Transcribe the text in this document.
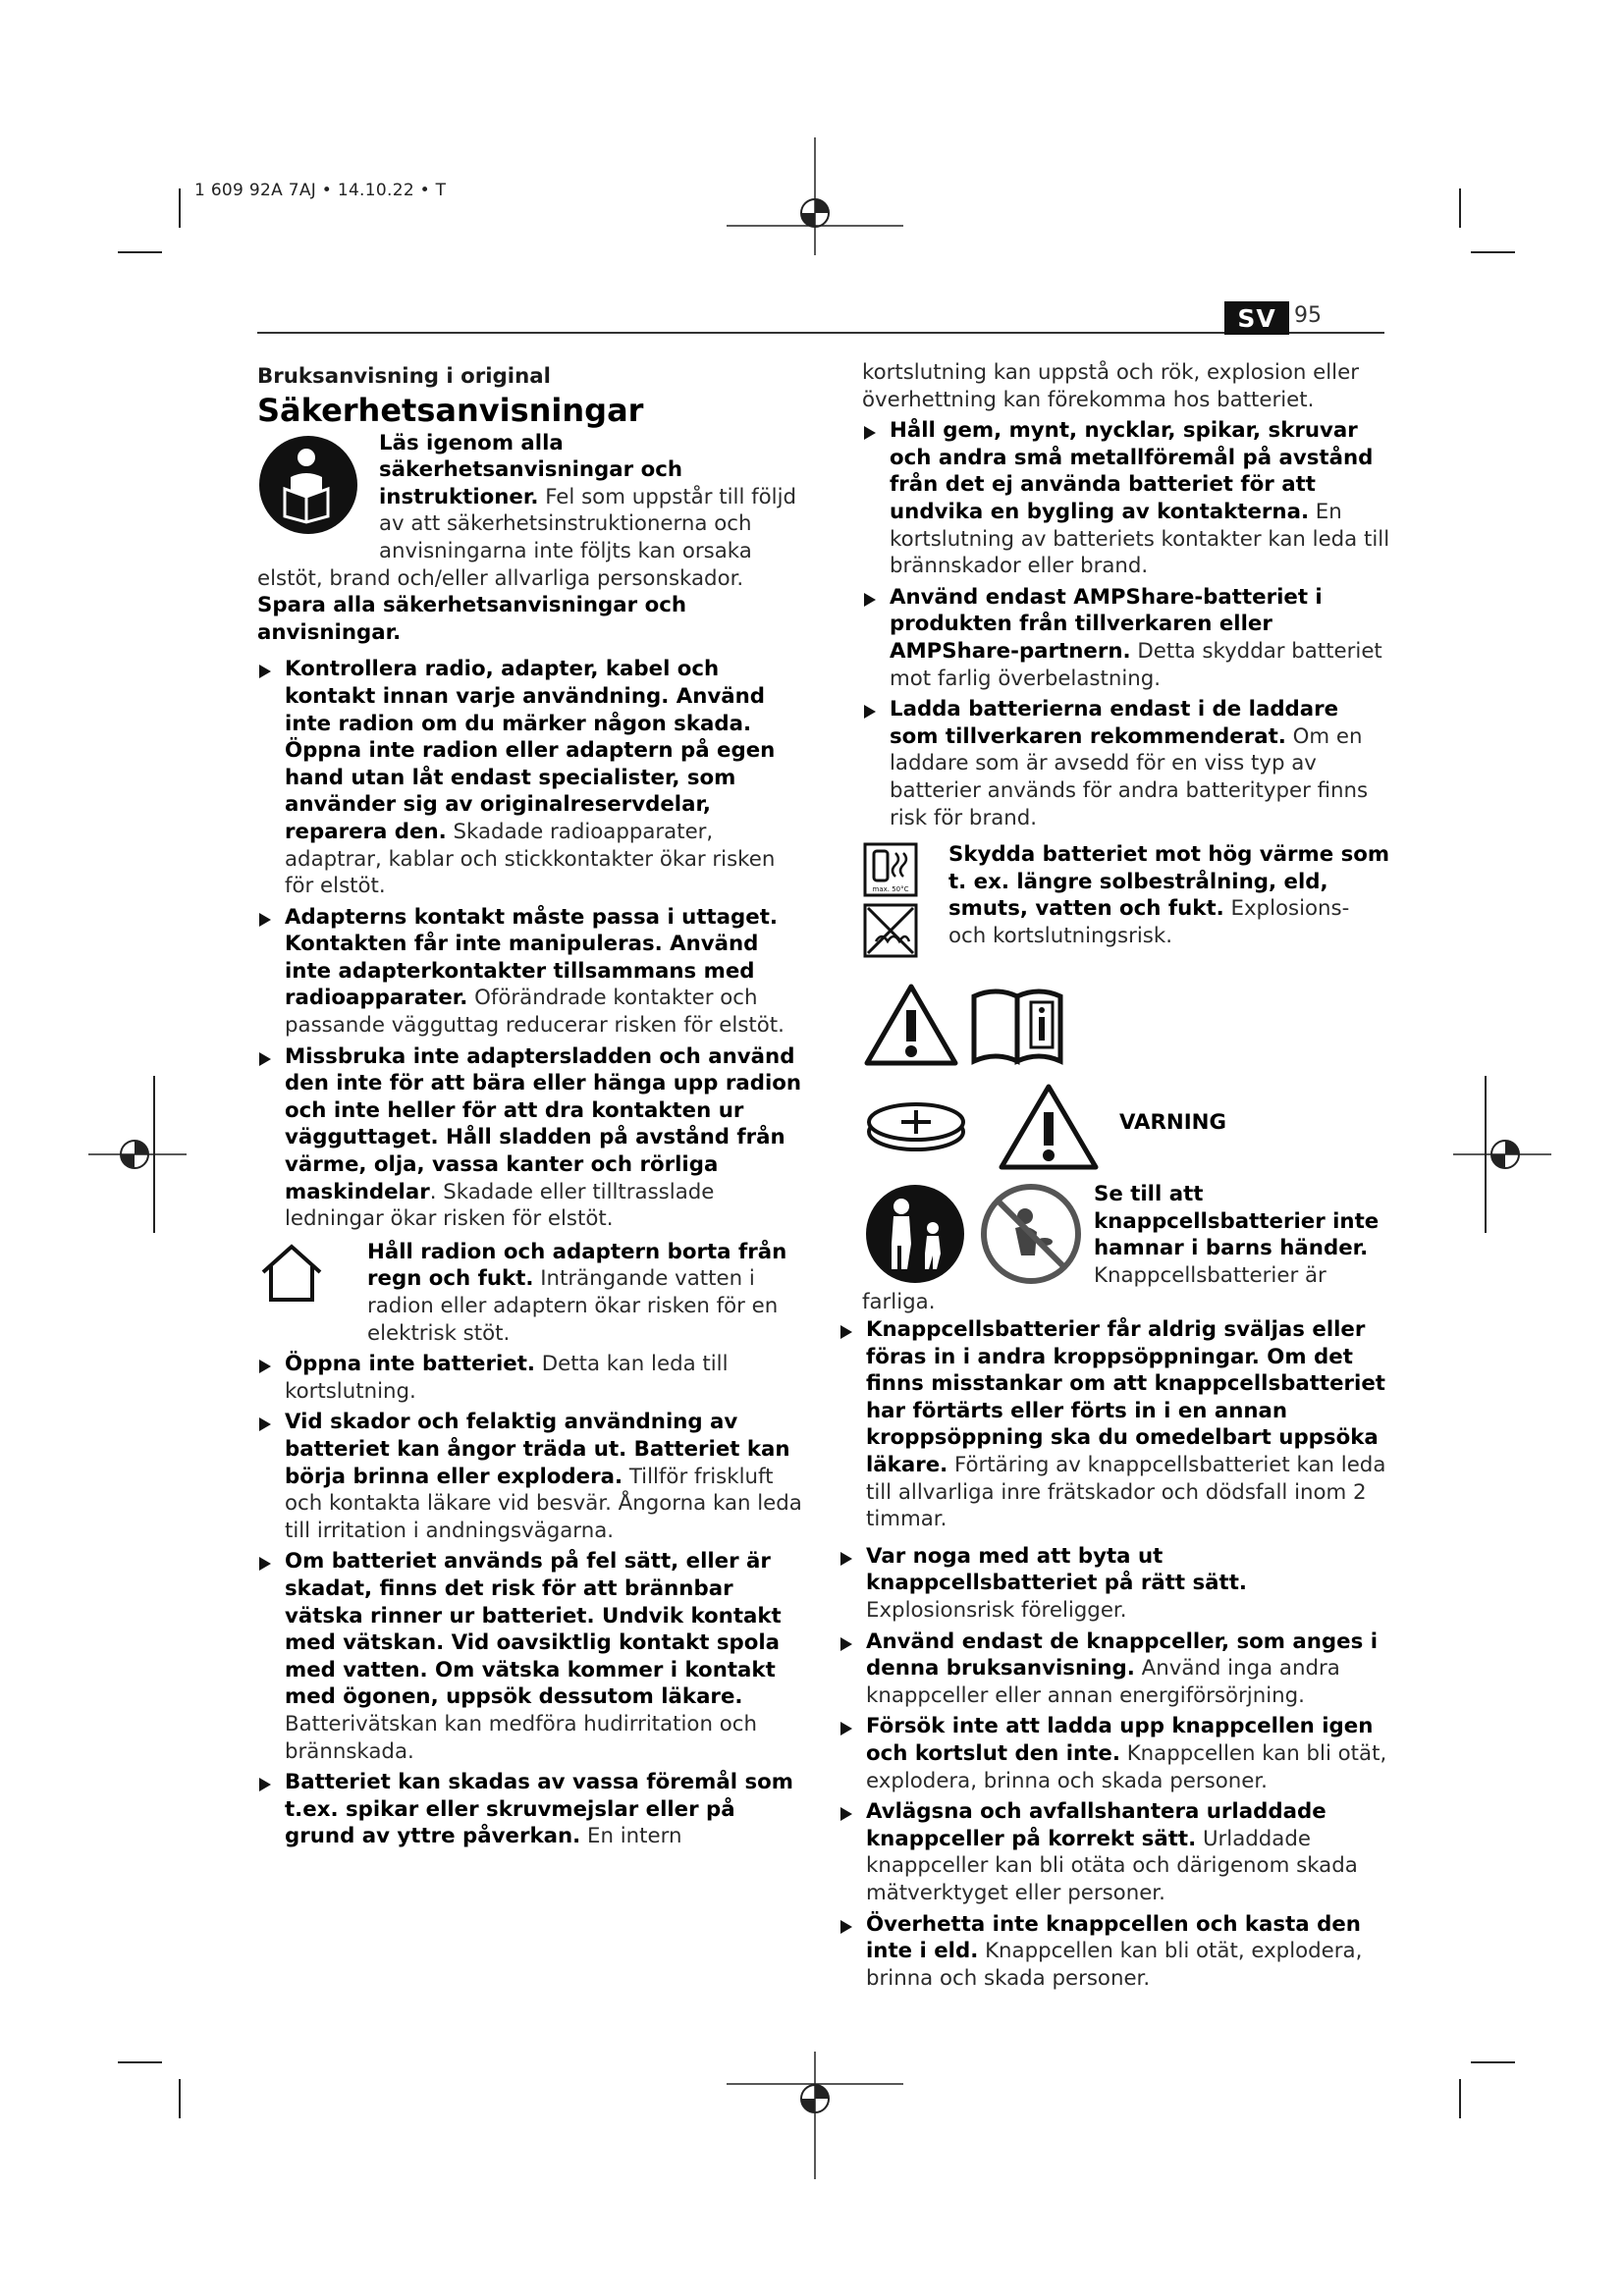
1 609 92A 7AJ • 14.10.22 • T
SV 95

Bruksanvisning i original

Säkerhetsanvisningar

Läs igenom alla säkerhetsanvisningar och instruktioner. Fel som uppstår till följd av att säkerhetsinstruktionerna och anvisningarna inte följts kan orsaka elstöt, brand och/eller allvarliga personskador.

Spara alla säkerhetsanvisningar och anvisningar.

Kontrollera radio, adapter, kabel och kontakt innan varje användning. Använd inte radion om du märker någon skada. Öppna inte radion eller adaptern på egen hand utan låt endast specialister, som använder sig av originalreservdelar, reparera den. Skadade radioapparater, adaptrar, kablar och stickkontakter ökar risken för elstöt.
Adapterns kontakt måste passa i uttaget. Kontakten får inte manipuleras. Använd inte adapterkontakter tillsammans med radioapparater. Oförändrade kontakter och passande vägguttag reducerar risken för elstöt.
Missbruka inte adaptersladden och använd den inte för att bära eller hänga upp radion och inte heller för att dra kontakten ur vägguttaget. Håll sladden på avstånd från värme, olja, vassa kanter och rörliga maskindelar. Skadade eller tilltrasslade ledningar ökar risken för elstöt.

Håll radion och adaptern borta från regn och fukt. Inträngande vatten i radion eller adaptern ökar risken för en elektrisk stöt.

Öppna inte batteriet. Detta kan leda till kortslutning.
Vid skador och felaktig användning av batteriet kan ångor träda ut. Batteriet kan börja brinna eller explodera. Tillför friskluft och kontakta läkare vid besvär. Ångorna kan leda till irritation i andningsvägarna.
Om batteriet används på fel sätt, eller är skadat, finns det risk för att brännbar vätska rinner ur batteriet. Undvik kontakt med vätskan. Vid oavsiktlig kontakt spola med vatten. Om vätska kommer i kontakt med ögonen, uppsök dessutom läkare. Batterivätskan kan medföra hudirritation och brännskada.
Batteriet kan skadas av vassa föremål som t.ex. spikar eller skruvmejslar eller på grund av yttre påverkan. En intern

kortslutning kan uppstå och rök, explosion eller överhettning kan förekomma hos batteriet.

Håll gem, mynt, nycklar, spikar, skruvar och andra små metallföremål på avstånd från det ej använda batteriet för att undvika en bygling av kontakterna. En kortslutning av batteriets kontakter kan leda till brännskador eller brand.
Använd endast AMPShare-batteriet i produkten från tillverkaren eller AMPShare-partnern. Detta skyddar batteriet mot farlig överbelastning.
Ladda batterierna endast i de laddare som tillverkaren rekommenderat. Om en laddare som är avsedd för en viss typ av batterier används för andra batterityper finns risk för brand.
max. 50°C

Skydda batteriet mot hög värme som t. ex. längre solbestrålning, eld, smuts, vatten och fukt. Explosions- och kortslutningsrisk.

VARNING

Se till att knappcellsbatterier inte hamnar i barns händer. Knappcellsbatterier är farliga.

Knappcellsbatterier får aldrig sväljas eller föras in i andra kroppsöppningar. Om det finns misstankar om att knappcellsbatteriet har förtärts eller förts in i en annan kroppsöppning ska du omedelbart uppsöka läkare. Förtäring av knappcellsbatteriet kan leda till allvarliga inre frätskador och dödsfall inom 2 timmar.
Var noga med att byta ut knappcellsbatteriet på rätt sätt. Explosionsrisk föreligger.
Använd endast de knappceller, som anges i denna bruksanvisning. Använd inga andra knappceller eller annan energiförsörjning.
Försök inte att ladda upp knappcellen igen och kortslut den inte. Knappcellen kan bli otät, explodera, brinna och skada personer.
Avlägsna och avfallshantera urladdade knappceller på korrekt sätt. Urladdade knappceller kan bli otäta och därigenom skada mätverktyget eller personer.
Överhetta inte knappcellen och kasta den inte i eld. Knappcellen kan bli otät, explodera, brinna och skada personer.
